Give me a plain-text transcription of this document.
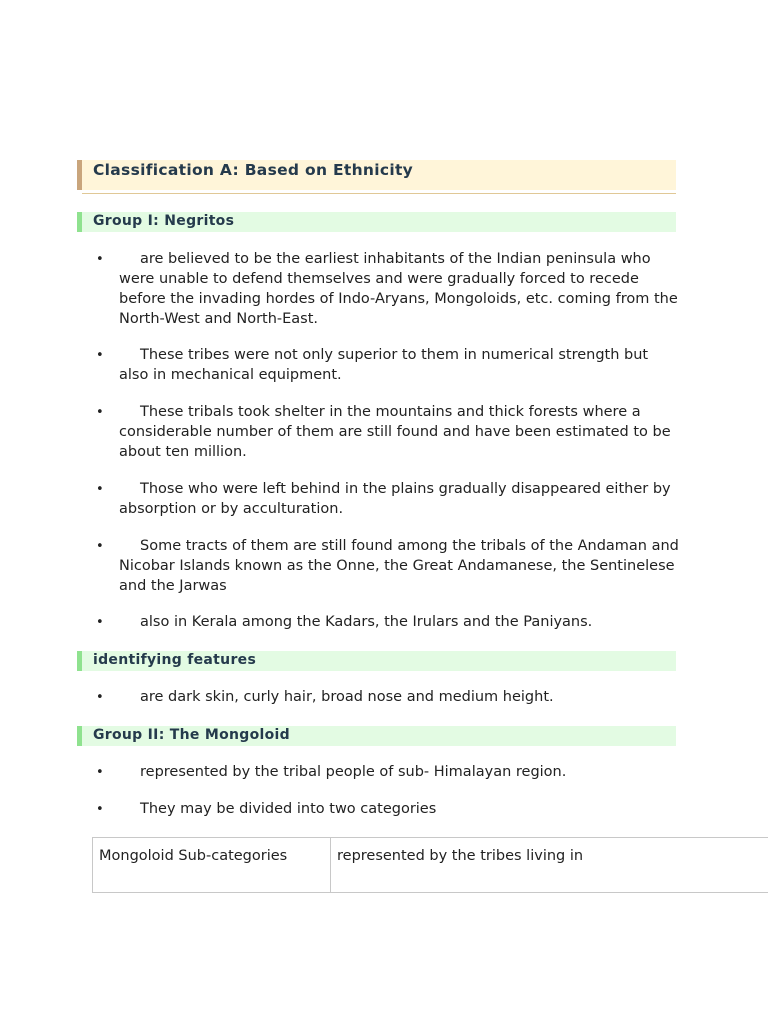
Classification A: Based on Ethnicity
Group I: Negritos
•	are believed to be the earliest inhabitants of the Indian peninsula who were unable to defend themselves and were gradually forced to recede before the invading hordes of Indo-Aryans, Mongoloids, etc. coming from the North-West and North-East.
•	These tribes were not only superior to them in numerical strength but also in mechanical equipment.
•	These tribals took shelter in the mountains and thick forests where a considerable number of them are still found and have been estimated to be about ten million.
•	Those who were left behind in the plains gradually disappeared either by absorption or by acculturation.
•	Some tracts of them are still found among the tribals of the Andaman and Nicobar Islands known as the Onne, the Great Andamanese, the Sentinelese and the Jarwas
•	also in Kerala among the Kadars, the Irulars and the Paniyans.
identifying features
•	are dark skin, curly hair, broad nose and medium height.
Group II: The Mongoloid
•	represented by the tribal people of sub- Himalayan region.
•	They may be divided into two categories
Mongoloid Sub-categories	represented by the tribes living in
